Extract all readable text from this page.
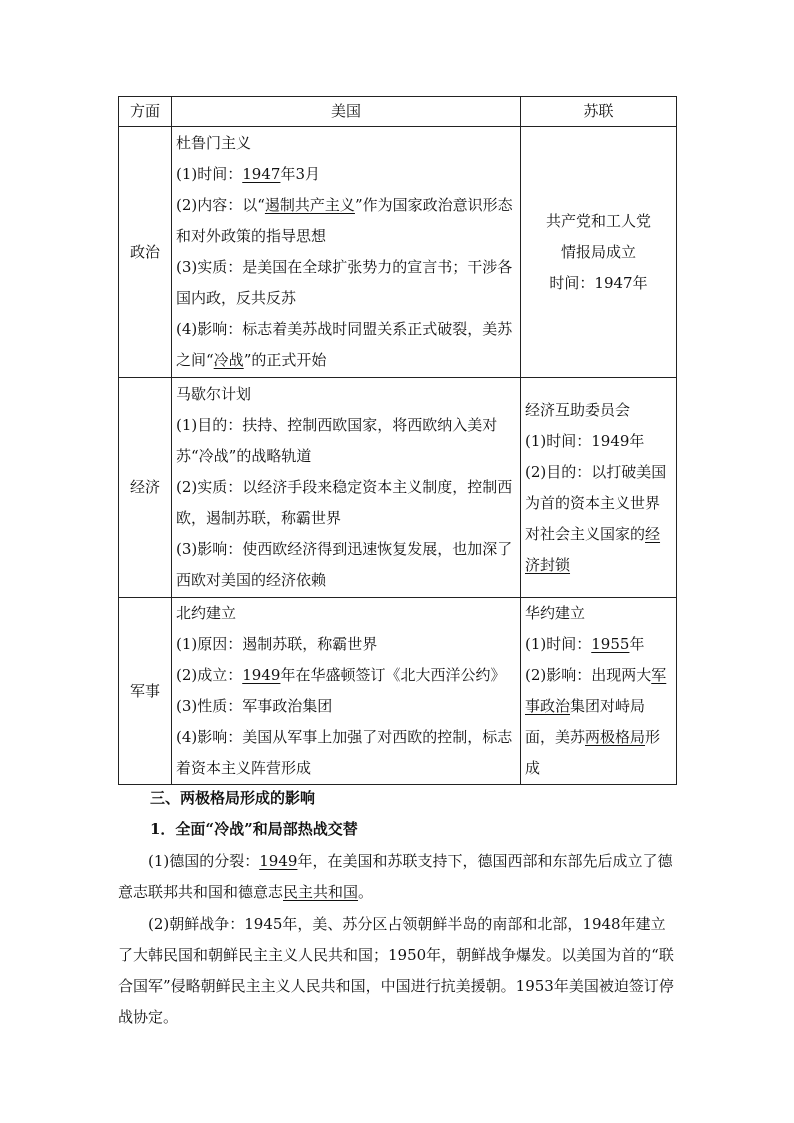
方面	美国	苏联
政治	杜鲁门主义
(1)时间：1947年3月
(2)内容：以“遏制共产主义”作为国家政治意识形态和对外政策的指导思想
(3)实质：是美国在全球扩张势力的宣言书；干涉各国内政，反共反苏
(4)影响：标志着美苏战时同盟关系正式破裂，美苏之间“冷战”的正式开始	共产党和工人党
情报局成立
时间：1947年

经济	马歇尔计划
(1)目的：扶持、控制西欧国家，将西欧纳入美对苏“冷战”的战略轨道
(2)实质：以经济手段来稳定资本主义制度，控制西欧，遏制苏联，称霸世界
(3)影响：使西欧经济得到迅速恢复发展，也加深了西欧对美国的经济依赖	经济互助委员会
(1)时间：1949年
(2)目的：以打破美国为首的资本主义世界对社会主义国家的经济封锁

军事	北约建立
(1)原因：遏制苏联，称霸世界
(2)成立：1949年在华盛顿签订《北大西洋公约》
(3)性质：军事政治集团
(4)影响：美国从军事上加强了对西欧的控制，标志着资本主义阵营形成	华约建立
(1)时间：1955年
(2)影响：出现两大军事政治集团对峙局面，美苏两极格局形成
三、两极格局形成的影响
1．全面“冷战”和局部热战交替
(1)德国的分裂：1949年，在美国和苏联支持下，德国西部和东部先后成立了德意志联邦共和国和德意志民主共和国。
(2)朝鲜战争：1945年，美、苏分区占领朝鲜半岛的南部和北部，1948年建立了大韩民国和朝鲜民主主义人民共和国；1950年，朝鲜战争爆发。以美国为首的“联合国军”侵略朝鲜民主主义人民共和国，中国进行抗美援朝。1953年美国被迫签订停战协定。
